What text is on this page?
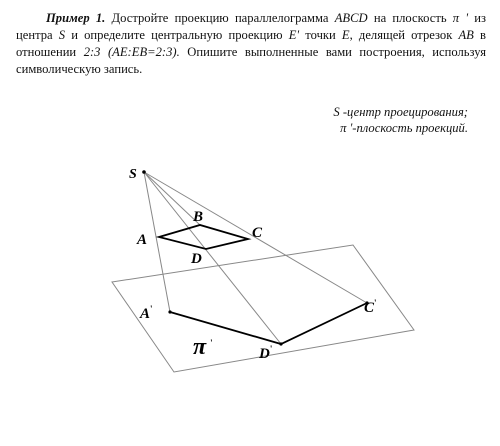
Пример 1. Достройте проекцию параллелограмма ABCD на плоскость π ' из центра S и определите центральную проекцию E' точки E, делящей отрезок AB в отношении 2:3 (AE:EB=2:3). Опишите выполненные вами построения, используя символическую запись.

S -центр проецирования;
π '-плоскость проекций.
S
A
B
C
D
A'	C'
D'
π '
